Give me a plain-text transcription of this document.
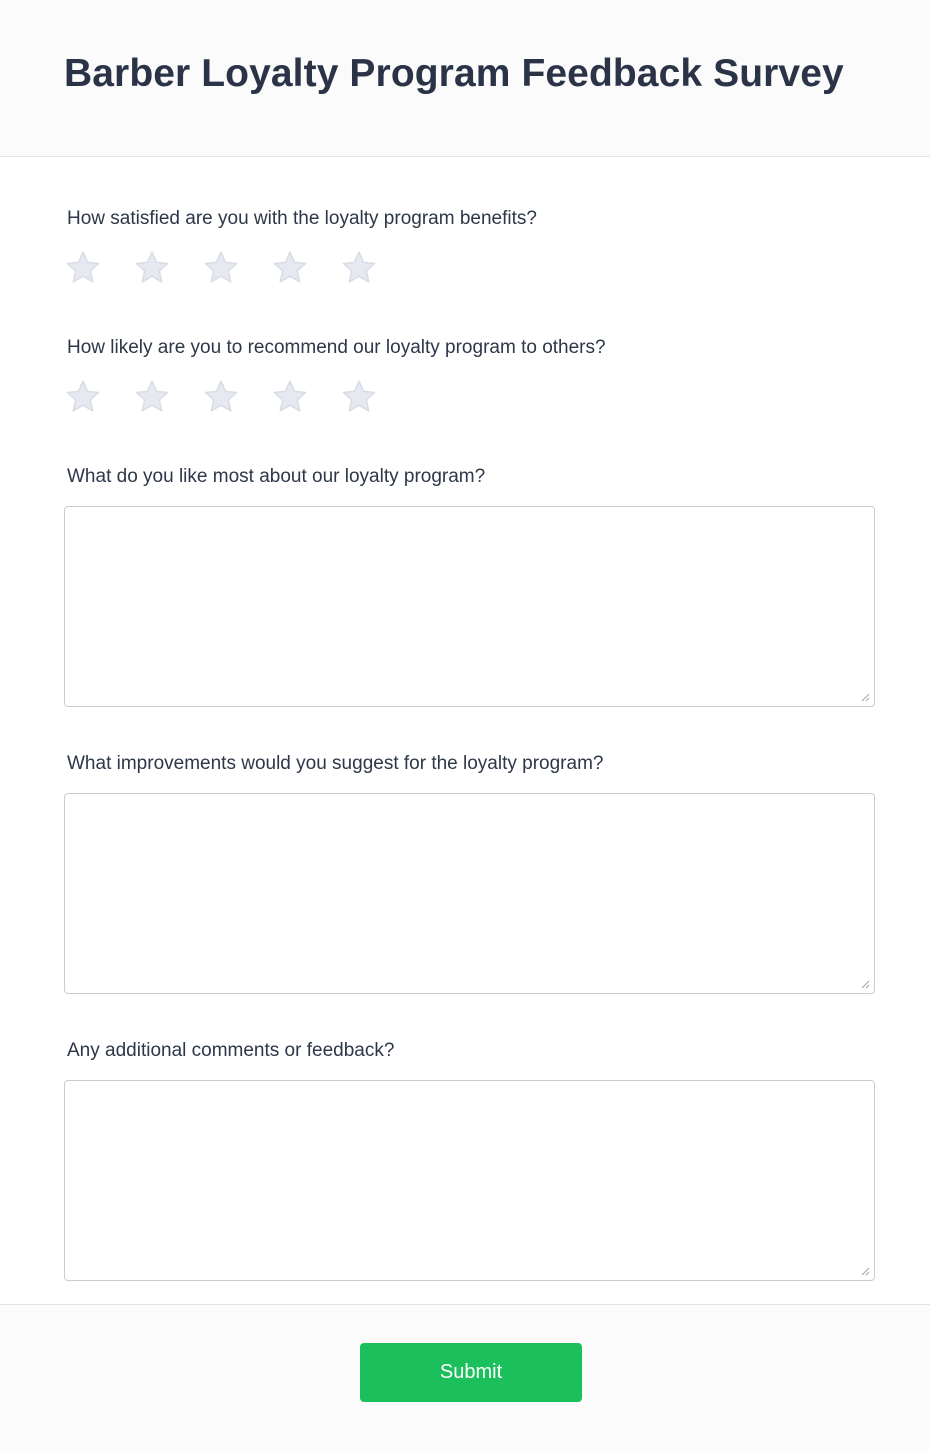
Barber Loyalty Program Feedback Survey
How satisfied are you with the loyalty program benefits?
How likely are you to recommend our loyalty program to others?
What do you like most about our loyalty program?
What improvements would you suggest for the loyalty program?
Any additional comments or feedback?
Submit
